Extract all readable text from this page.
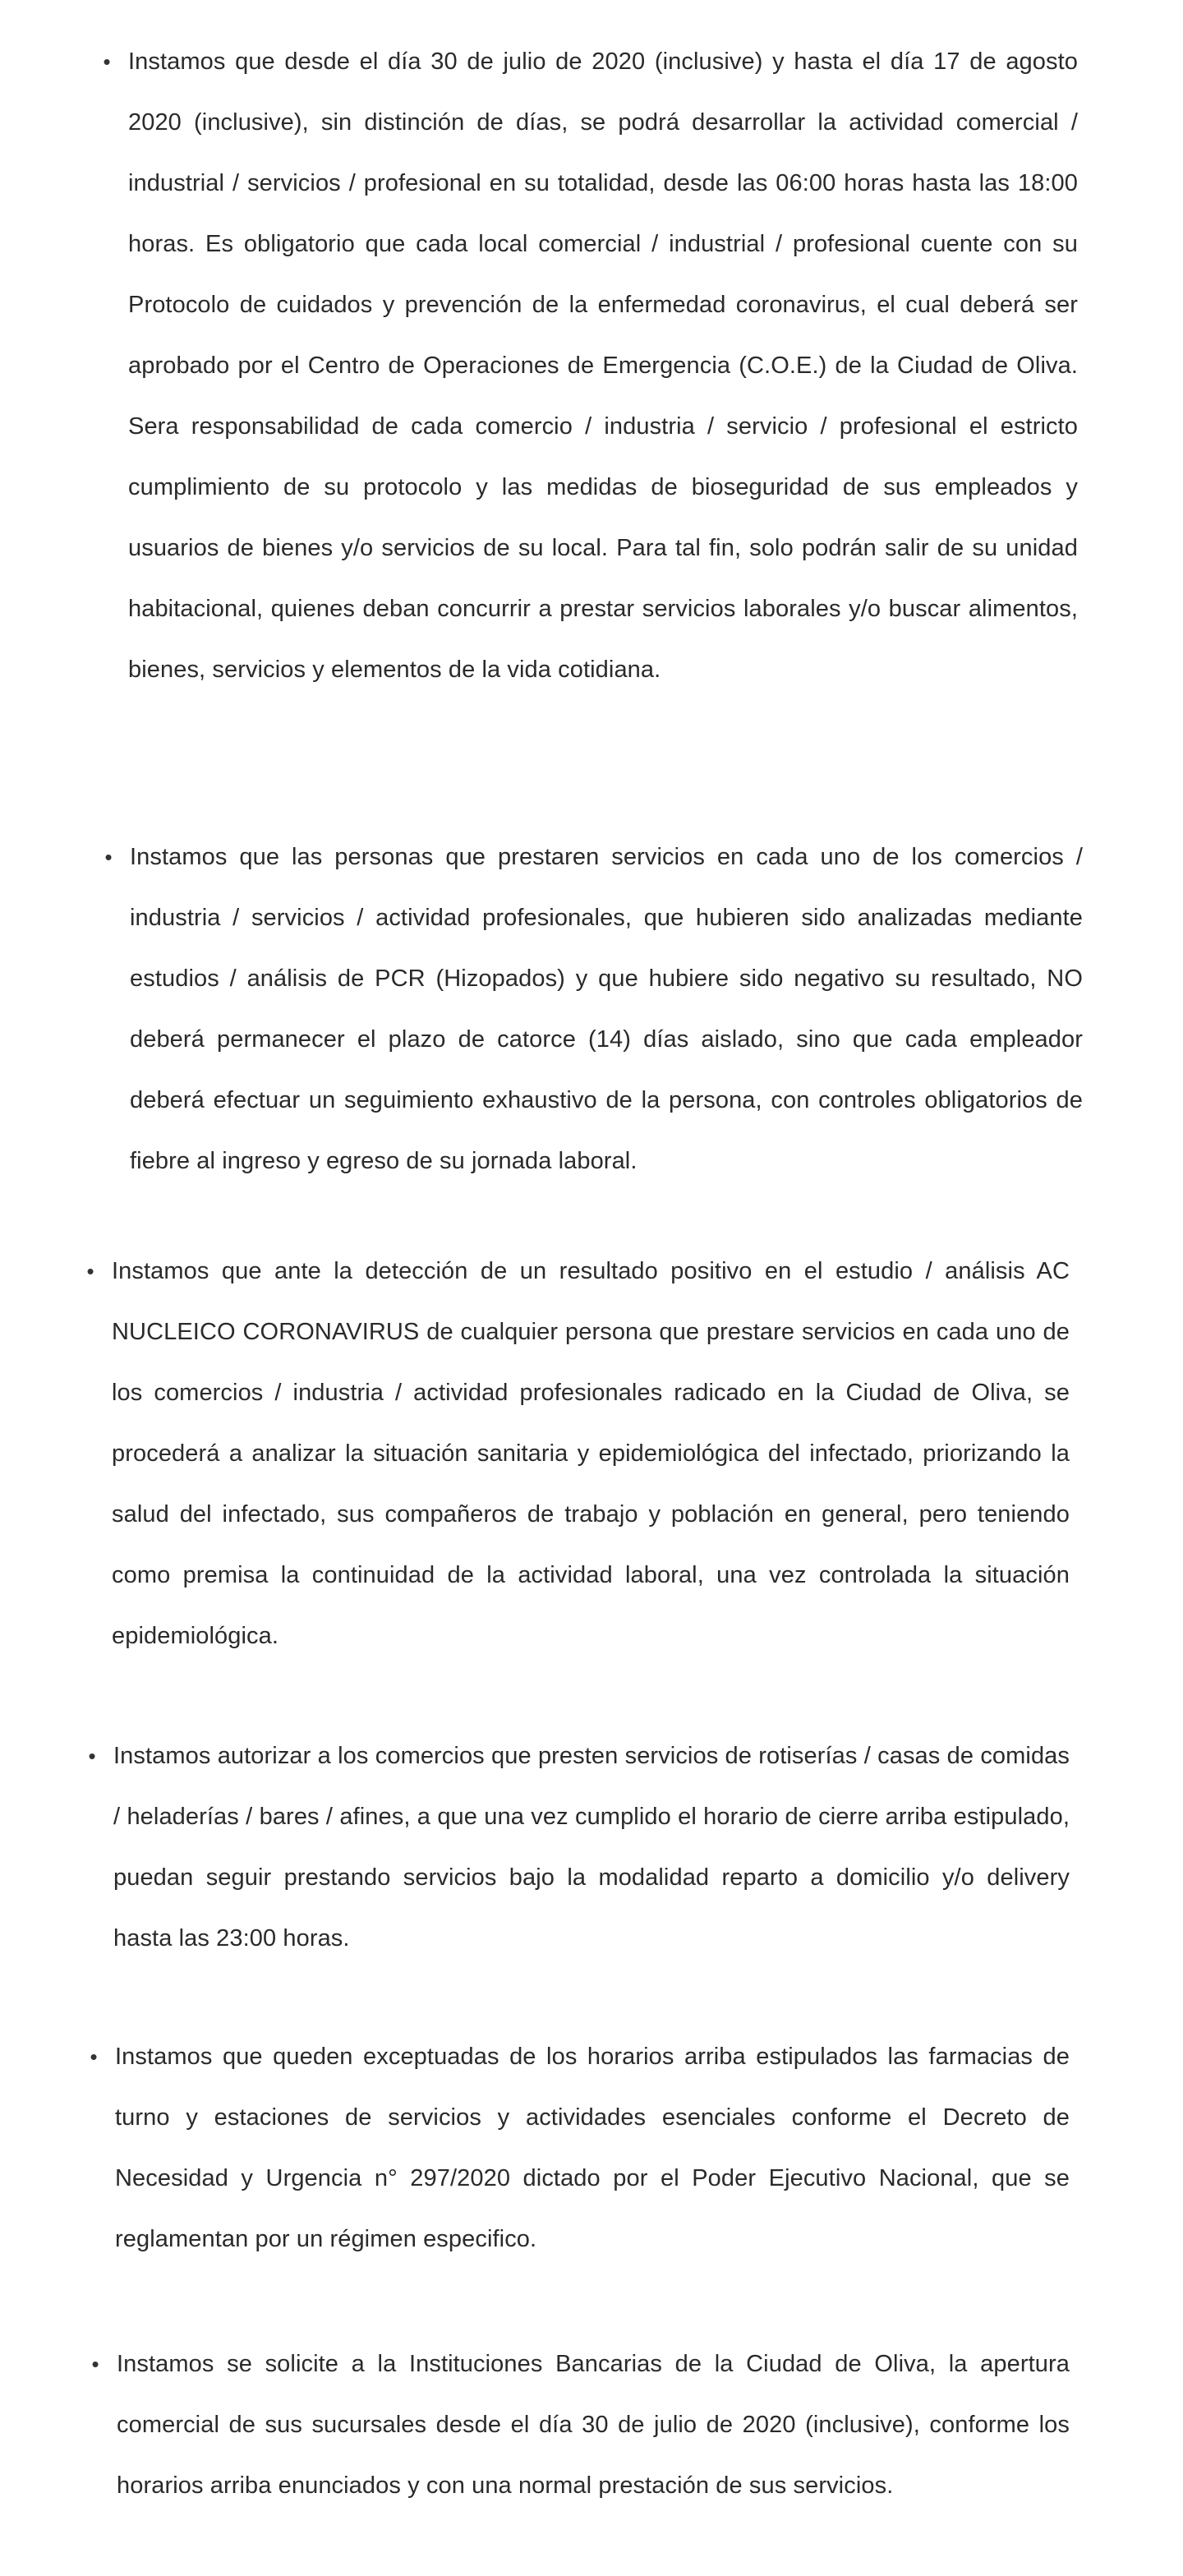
• Instamos que desde el día 30 de julio de 2020 (inclusive) y hasta el día 17 de agosto 2020 (inclusive), sin distinción de días, se podrá desarrollar la actividad comercial / industrial / servicios / profesional en su totalidad, desde las 06:00 horas hasta las 18:00 horas. Es obligatorio que cada local comercial / industrial / profesional cuente con su Protocolo de cuidados y prevención de la enfermedad coronavirus, el cual deberá ser aprobado por el Centro de Operaciones de Emergencia (C.O.E.) de la Ciudad de Oliva. Sera responsabilidad de cada comercio / industria / servicio / profesional el estricto cumplimiento de su protocolo y las medidas de bioseguridad de sus empleados y usuarios de bienes y/o servicios de su local. Para tal fin, solo podrán salir de su unidad habitacional, quienes deban concurrir a prestar servicios laborales y/o buscar alimentos, bienes, servicios y elementos de la vida cotidiana.

• Instamos que las personas que prestaren servicios en cada uno de los comercios / industria / servicios / actividad profesionales, que hubieren sido analizadas mediante estudios / análisis de PCR (Hizopados) y que hubiere sido negativo su resultado, NO deberá permanecer el plazo de catorce (14) días aislado, sino que cada empleador deberá efectuar un seguimiento exhaustivo de la persona, con controles obligatorios de fiebre al ingreso y egreso de su jornada laboral.

• Instamos que ante la detección de un resultado positivo en el estudio / análisis AC NUCLEICO CORONAVIRUS de cualquier persona que prestare servicios en cada uno de los comercios / industria / actividad profesionales radicado en la Ciudad de Oliva, se procederá a analizar la situación sanitaria y epidemiológica del infectado, priorizando la salud del infectado, sus compañeros de trabajo y población en general, pero teniendo como premisa la continuidad de la actividad laboral, una vez controlada la situación epidemiológica.

• Instamos autorizar a los comercios que presten servicios de rotiserías / casas de comidas / heladerías / bares / afines, a que una vez cumplido el horario de cierre arriba estipulado, puedan seguir prestando servicios bajo la modalidad reparto a domicilio y/o delivery hasta las 23:00 horas.

• Instamos que queden exceptuadas de los horarios arriba estipulados las farmacias de turno y estaciones de servicios y actividades esenciales conforme el Decreto de Necesidad y Urgencia n° 297/2020 dictado por el Poder Ejecutivo Nacional, que se reglamentan por un régimen especifico.

• Instamos se solicite a la Instituciones Bancarias de la Ciudad de Oliva, la apertura comercial de sus sucursales desde el día 30 de julio de 2020 (inclusive), conforme los horarios arriba enunciados y con una normal prestación de sus servicios.
